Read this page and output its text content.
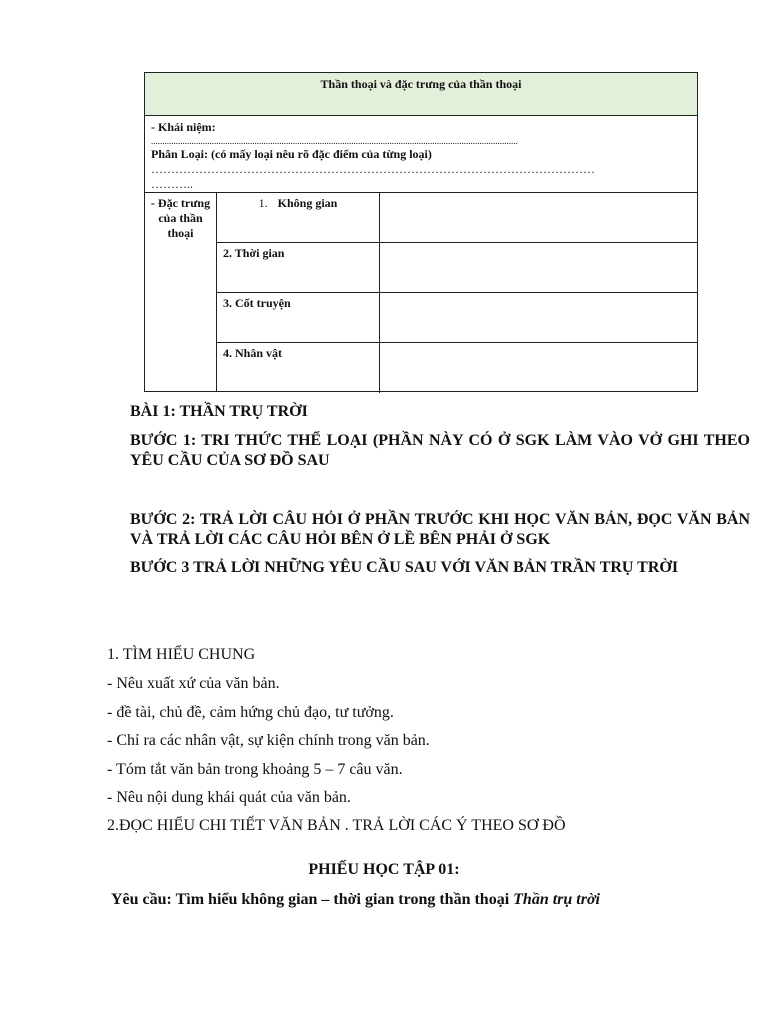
Thần thoại và đặc trưng của thần thoại
- Khái niệm:
...................................................................................................................................................................
Phân Loại: (có mấy loại nêu rõ đặc điểm của từng loại)
…………………………………………………………………………………………………
………..
- Đặc trưng của thần thoại
1. Không gian
2. Thời gian
3. Cốt truyện
4. Nhân vật
BÀI 1: THẦN TRỤ TRỜI
BƯỚC 1: TRI THỨC THỂ LOẠI (PHẦN NÀY CÓ Ở SGK LÀM VÀO VỞ GHI THEO YÊU CẦU CỦA SƠ ĐỒ SAU
BƯỚC 2: TRẢ LỜI CÂU HỎI Ở PHẦN TRƯỚC KHI HỌC VĂN BẢN, ĐỌC VĂN BẢN VÀ TRẢ LỜI CÁC CÂU HỎI BÊN Ở LỀ BÊN PHẢI Ở SGK
BƯỚC 3 TRẢ LỜI NHỮNG YÊU CẦU SAU VỚI VĂN BẢN TRẦN TRỤ TRỜI
1. TÌM HIỂU CHUNG
- Nêu xuất xứ của văn bản.
- đề tài, chủ đề, cảm hứng chủ đạo, tư tưởng.
- Chỉ ra các nhân vật, sự kiện chính trong văn bản.
- Tóm tắt văn bản trong khoảng 5 – 7 câu văn.
- Nêu nội dung khái quát của văn bản.
2.ĐỌC HIỂU CHI TIẾT VĂN BẢN . TRẢ LỜI CÁC Ý THEO SƠ ĐỒ
PHIẾU HỌC TẬP 01:
Yêu cầu: Tìm hiểu không gian – thời gian trong thần thoại Thần trụ trời
